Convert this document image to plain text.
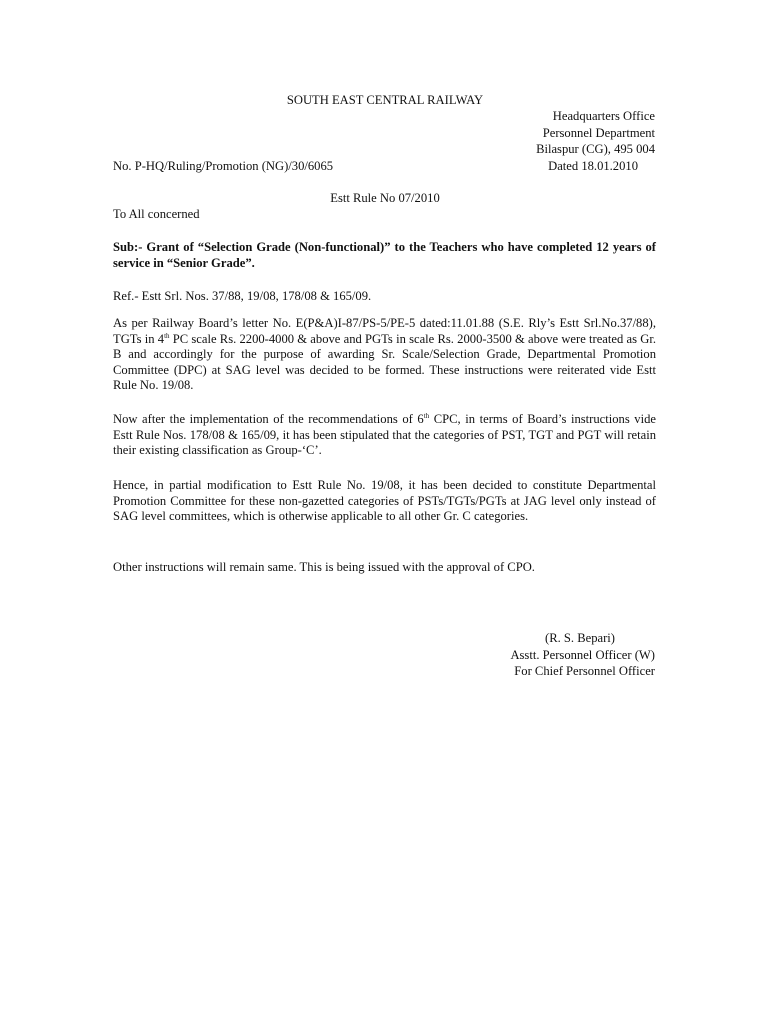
SOUTH EAST CENTRAL RAILWAY
Headquarters Office
Personnel Department
Bilaspur (CG), 495 004
No. P-HQ/Ruling/Promotion (NG)/30/6065	Dated 18.01.2010
Estt Rule No 07/2010
To All concerned
Sub:- Grant of “Selection Grade (Non-functional)” to the Teachers who have completed 12 years of service in “Senior Grade”.
Ref.- Estt Srl. Nos. 37/88, 19/08, 178/08 & 165/09.
As per Railway Board’s letter No. E(P&A)I-87/PS-5/PE-5 dated:11.01.88 (S.E. Rly’s Estt Srl.No.37/88), TGTs in 4th PC scale Rs. 2200-4000 & above and PGTs in scale Rs. 2000-3500 & above were treated as Gr. B and accordingly for the purpose of awarding Sr. Scale/Selection Grade, Departmental Promotion Committee (DPC) at SAG level was decided to be formed. These instructions were reiterated vide Estt Rule No. 19/08.
Now after the implementation of the recommendations of 6th CPC, in terms of Board’s instructions vide Estt Rule Nos. 178/08 & 165/09, it has been stipulated that the categories of PST, TGT and PGT will retain their existing classification as Group-‘C’.
Hence, in partial modification to Estt Rule No. 19/08, it has been decided to constitute Departmental Promotion Committee for these non-gazetted categories of PSTs/TGTs/PGTs at JAG level only instead of SAG level committees, which is otherwise applicable to all other Gr. C categories.
Other instructions will remain same. This is being issued with the approval of CPO.
(R. S. Bepari)
Asstt. Personnel Officer (W)
For Chief Personnel Officer
